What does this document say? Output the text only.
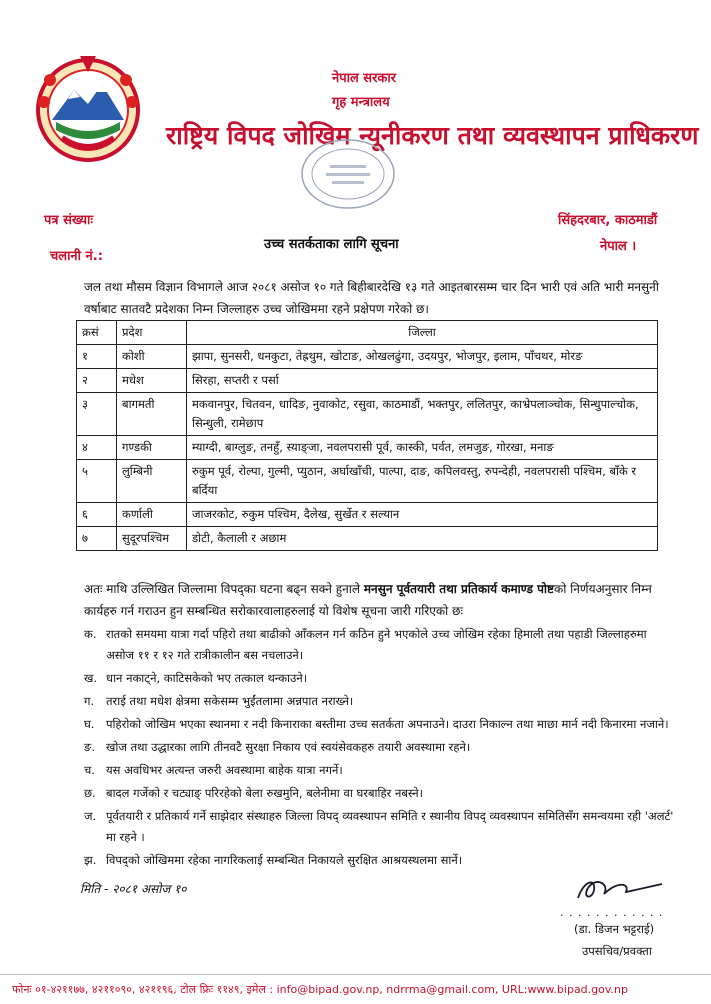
नेपाल सरकार
गृह मन्त्रालय
राष्ट्रिय विपद जोखिम न्यूनीकरण तथा व्यवस्थापन प्राधिकरण
पत्र संख्याः
चलानी नं.:
सिंहदरबार, काठमाडौं
नेपाल ।
उच्च सतर्कताका लागि सूचना
जल तथा मौसम विज्ञान विभागले आज २०८१ असोज १० गते बिहीबारदेखि १३ गते आइतबारसम्म चार दिन भारी एवं अति भारी मनसुनी वर्षाबाट सातवटै प्रदेशका निम्न जिल्लाहरु उच्च जोखिममा रहने प्रक्षेपण गरेको छ।
क्रसं	प्रदेश	जिल्ला
१	कोशी	झापा, सुनसरी, धनकुटा, तेह्रथुम, खोटाङ, ओखलढुंगा, उदयपुर, भोजपुर, इलाम, पाँचथर, मोरङ
२	मधेश	सिरहा, सप्तरी र पर्सा
३	बागमती	मकवानपुर, चितवन, धादिङ, नुवाकोट, रसुवा, काठमाडौं, भक्तपुर, ललितपुर, काभ्रेपलाञ्चोक, सिन्धुपाल्चोक, सिन्धुली, रामेछाप
४	गण्डकी	म्याग्दी, बाग्लुङ, तनहुँ, स्याङ्जा, नवलपरासी पूर्व, कास्की, पर्वत, लमजुङ, गोरखा, मनाङ
५	लुम्बिनी	रुकुम पूर्व, रोल्पा, गुल्मी, प्युठान, अर्घाखाँची, पाल्पा, दाङ, कपिलवस्तु, रुपन्देही, नवलपरासी पश्चिम, बाँके र बर्दिया
६	कर्णाली	जाजरकोट, रुकुम पश्चिम, दैलेख, सुर्खेत र सल्यान
७	सुदूरपश्चिम	डोटी, कैलाली र अछाम
अतः माथि उल्लिखित जिल्लामा विपद्का घटना बढ्न सक्ने हुनाले मनसुन पूर्वतयारी तथा प्रतिकार्य कमाण्ड पोष्टको निर्णयअनुसार निम्न कार्यहरु गर्न गराउन हुन सम्बन्धित सरोकारवालाहरुलाई यो विशेष सूचना जारी गरिएको छः
क. रातको समयमा यात्रा गर्दा पहिरो तथा बाढीको आँकलन गर्न कठिन हुने भएकोले उच्च जोखिम रहेका हिमाली तथा पहाडी जिल्लाहरुमा असोज ११ र १२ गते रात्रीकालीन बस नचलाउने।
ख. धान नकाट्ने, काटिसकेको भए तत्काल थन्काउने।
ग.	तराई तथा मधेश क्षेत्रमा सकेसम्म भुईंतलामा अन्नपात नराख्ने।
घ.	पहिरोको जोखिम भएका स्थानमा र नदी किनाराका बस्तीमा उच्च सतर्कता अपनाउने। दाउरा निकाल्न तथा माछा मार्न नदी किनारमा नजाने।
ङ. खोज तथा उद्धारका लागि तीनवटै सुरक्षा निकाय एवं स्वयंसेवकहरु तयारी अवस्थामा रहने।
च. यस अवधिभर अत्यन्त जरुरी अवस्थामा बाहेक यात्रा नगर्ने।
छ. बादल गर्जेको र चट्याङ् परिरहेको बेला रुखमुनि, बलेनीमा वा घरबाहिर नबस्ने।
ज. पूर्वतयारी र प्रतिकार्य गर्ने साझेदार संस्थाहरु जिल्ला विपद् व्यवस्थापन समिति र स्थानीय विपद् व्यवस्थापन समितिसँग समन्वयमा रही 'अलर्ट' मा रहने ।
झ. विपद्को जोखिममा रहेका नागरिकलाई सम्बन्धित निकायले सुरक्षित आश्रयस्थलमा सार्ने।
मिति - २०८१ असोज १०
. . . . . . . . . . . .
(डा. डिजन भट्टराई)
उपसचिव/प्रवक्ता
फोनः ०१-४२११७७, ४२११०९०, ४२११९६, टोल फ्रिः ११४९, इमेल : info@bipad.gov.np, ndrrma@gmail.com, URL:www.bipad.gov.np
